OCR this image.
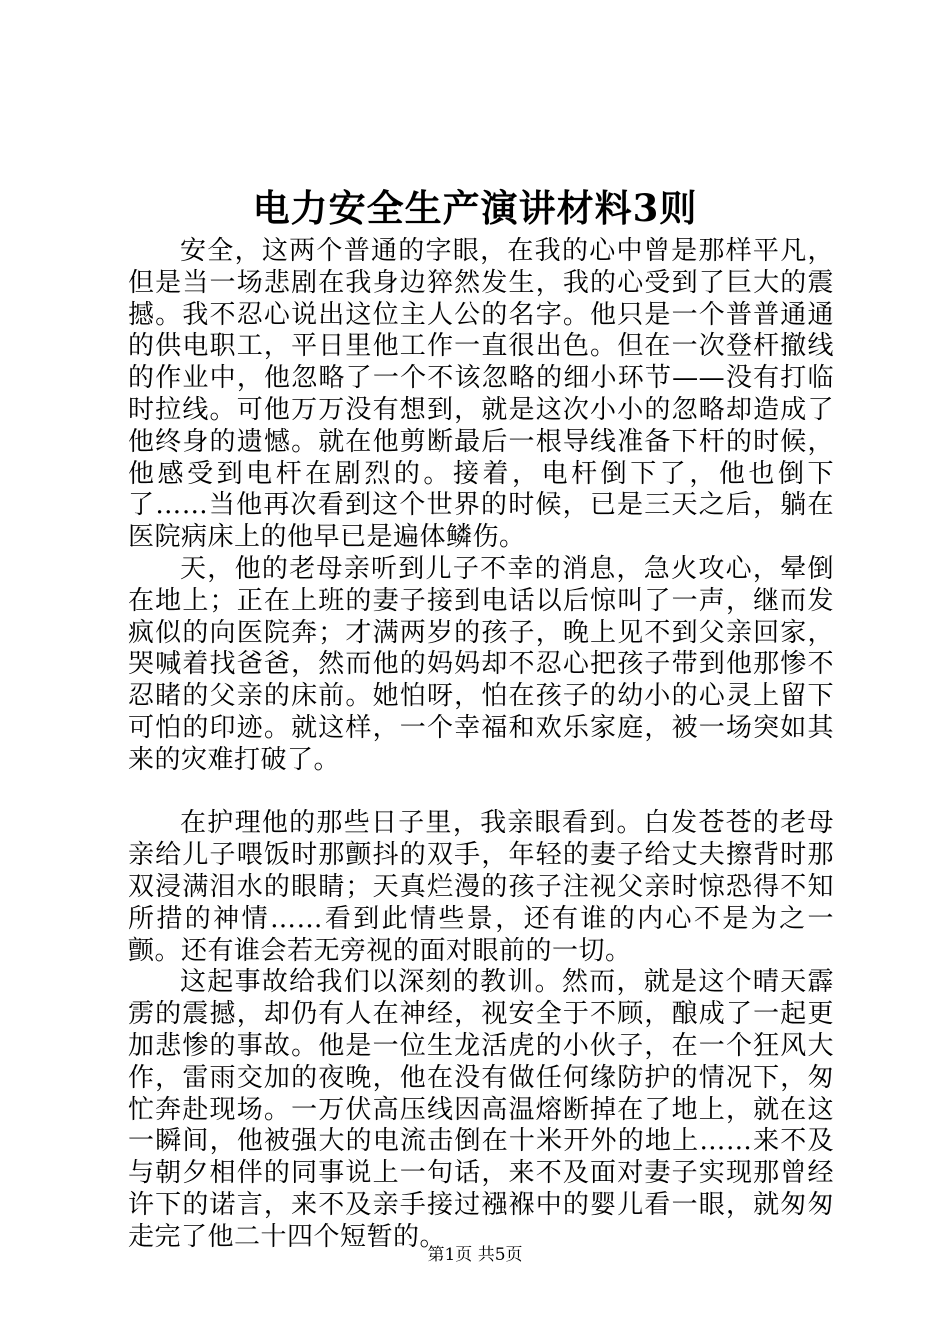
电力安全生产演讲材料3则

安全，这两个普通的字眼，在我的心中曾是那样平凡，但是当一场悲剧在我身边猝然发生，我的心受到了巨大的震撼。我不忍心说出这位主人公的名字。他只是一个普普通通的供电职工，平日里他工作一直很出色。但在一次登杆撤线的作业中，他忽略了一个不该忽略的细小环节——没有打临时拉线。可他万万没有想到，就是这次小小的忽略却造成了他终身的遗憾。就在他剪断最后一根导线准备下杆的时候，他感受到电杆在剧烈的。接着，电杆倒下了，他也倒下了……当他再次看到这个世界的时候，已是三天之后，躺在医院病床上的他早已是遍体鳞伤。

天，他的老母亲听到儿子不幸的消息，急火攻心，晕倒在地上；正在上班的妻子接到电话以后惊叫了一声，继而发疯似的向医院奔；才满两岁的孩子，晚上见不到父亲回家，哭喊着找爸爸，然而他的妈妈却不忍心把孩子带到他那惨不忍睹的父亲的床前。她怕呀，怕在孩子的幼小的心灵上留下可怕的印迹。就这样，一个幸福和欢乐家庭，被一场突如其来的灾难打破了。

在护理他的那些日子里，我亲眼看到。白发苍苍的老母亲给儿子喂饭时那颤抖的双手，年轻的妻子给丈夫擦背时那双浸满泪水的眼睛；天真烂漫的孩子注视父亲时惊恐得不知所措的神情……看到此情些景，还有谁的内心不是为之一颤。还有谁会若无旁视的面对眼前的一切。

这起事故给我们以深刻的教训。然而，就是这个晴天霹雳的震撼，却仍有人在神经，视安全于不顾，酿成了一起更加悲惨的事故。他是一位生龙活虎的小伙子，在一个狂风大作，雷雨交加的夜晚，他在没有做任何缘防护的情况下，匆忙奔赴现场。一万伏高压线因高温熔断掉在了地上，就在这一瞬间，他被强大的电流击倒在十米开外的地上……来不及与朝夕相伴的同事说上一句话，来不及面对妻子实现那曾经许下的诺言，来不及亲手接过襁褓中的婴儿看一眼，就匆匆走完了他二十四个短暂的。

第1页 共5页
